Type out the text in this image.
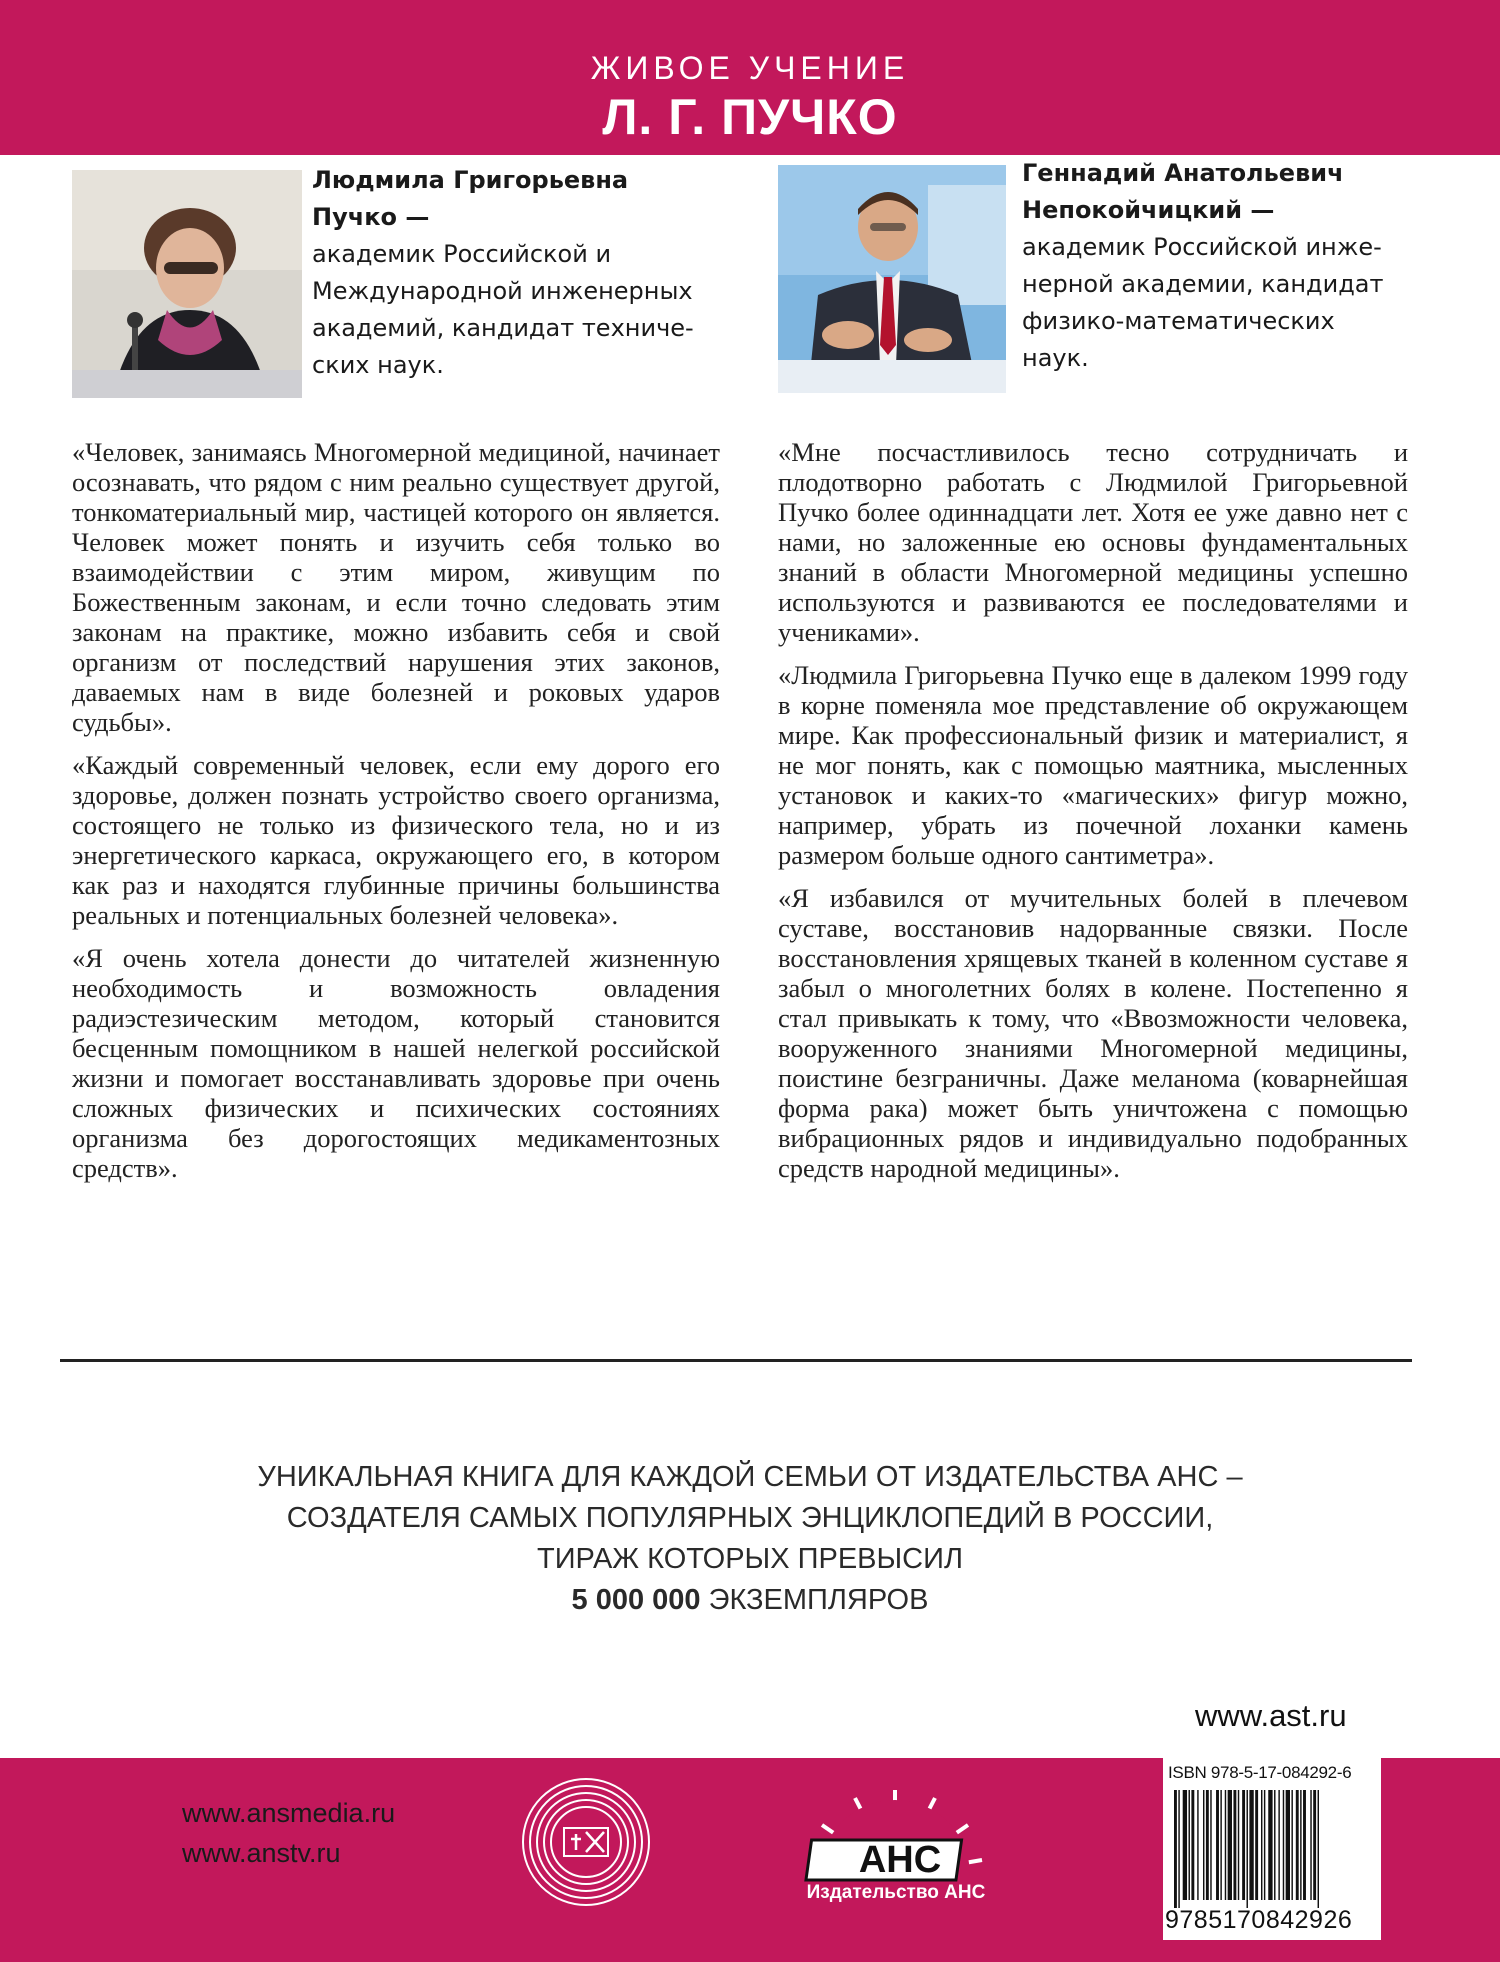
ЖИВОЕ УЧЕНИЕ
Л. Г. ПУЧКО
Людмила Григорьевна
Пучко —
академик Российской и
Международной инженерных
академий, кандидат техниче-
ских наук.
Геннадий Анатольевич
Непокойчицкий —
академик Российской инже-
нерной академии, кандидат
физико-математических
наук.

«Человек, занимаясь Многомерной медициной, начинает осознавать, что рядом с ним реально существует другой, тонкоматериальный мир, частицей которого он является. Человек может понять и изучить себя только во взаимодействии с этим миром, живущим по Божественным законам, и если точно следовать этим законам на практике, можно избавить себя и свой организм от последствий нарушения этих законов, даваемых нам в виде болезней и роковых ударов судьбы».

«Каждый современный человек, если ему дорого его здоровье, должен познать устройство своего организма, состоящего не только из физического тела, но и из энергетического каркаса, окружающего его, в котором как раз и находятся глубинные причины большинства реальных и потенциальных болезней человека».

«Я очень хотела донести до читателей жизненную необходимость и возможность овладения радиэстезическим методом, который становится бесценным помощником в нашей нелегкой российской жизни и помогает восстанавливать здоровье при очень сложных физических и психических состояниях организма без дорогостоящих медикаментозных средств».

«Мне посчастливилось тесно сотрудничать и плодотворно работать с Людмилой Григорьевной Пучко более одиннадцати лет. Хотя ее уже давно нет с нами, но заложенные ею основы фундаментальных знаний в области Многомерной медицины успешно используются и развиваются ее последователями и учениками».

«Людмила Григорьевна Пучко еще в далеком 1999 году в корне поменяла мое представление об окружающем мире. Как профессиональный физик и материалист, я не мог понять, как с помощью маятника, мысленных установок и каких-то «магических» фигур можно, например, убрать из почечной лоханки камень размером больше одного сантиметра».

«Я избавился от мучительных болей в плечевом суставе, восстановив надорванные связки. После восстановления хрящевых тканей в коленном суставе я забыл о многолетних болях в колене. Постепенно я стал привыкать к тому, что «Ввозможности человека, вооруженного знаниями Многомерной медицины, поистине безграничны. Даже меланома (коварнейшая форма рака) может быть уничтожена с помощью вибрационных рядов и индивидуально подобранных средств народной медицины».

УНИКАЛЬНАЯ КНИГА ДЛЯ КАЖДОЙ СЕМЬИ ОТ ИЗДАТЕЛЬСТВА АНС –
СОЗДАТЕЛЯ САМЫХ ПОПУЛЯРНЫХ ЭНЦИКЛОПЕДИЙ В РОССИИ,
ТИРАЖ КОТОРЫХ ПРЕВЫСИЛ
5 000 000 ЭКЗЕМПЛЯРОВ
www.ast.ru
www.ansmedia.ru
www.anstv.ru	АНС
Издательство АНС
ISBN 978-5-17-084292-6
9785170842926
